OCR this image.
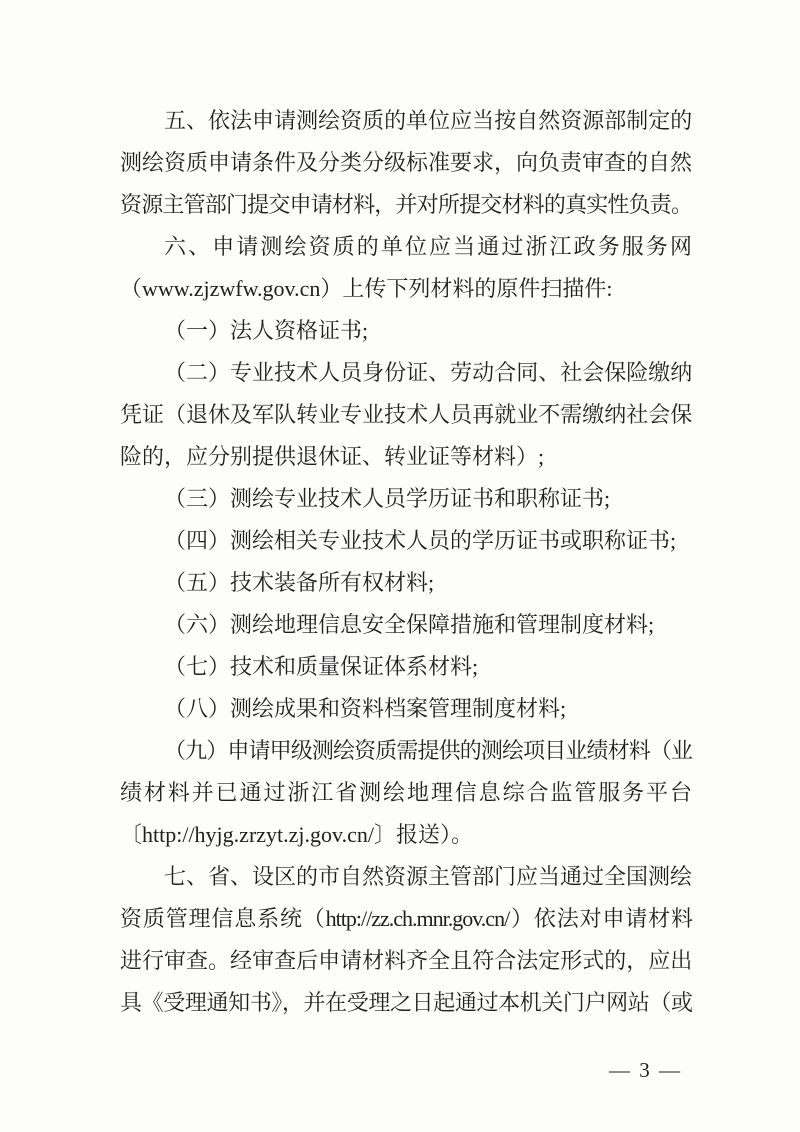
五、依法申请测绘资质的单位应当按自然资源部制定的
测绘资质申请条件及分类分级标准要求，向负责审查的自然
资源主管部门提交申请材料，并对所提交材料的真实性负责。
六、申请测绘资质的单位应当通过浙江政务服务网
（www.zjzwfw.gov.cn）上传下列材料的原件扫描件:
（一）法人资格证书;
（二）专业技术人员身份证、劳动合同、社会保险缴纳
凭证（退休及军队转业专业技术人员再就业不需缴纳社会保
险的，应分别提供退休证、转业证等材料）;
（三）测绘专业技术人员学历证书和职称证书;
（四）测绘相关专业技术人员的学历证书或职称证书;
（五）技术装备所有权材料;
（六）测绘地理信息安全保障措施和管理制度材料;
（七）技术和质量保证体系材料;
（八）测绘成果和资料档案管理制度材料;
（九）申请甲级测绘资质需提供的测绘项目业绩材料（业
绩材料并已通过浙江省测绘地理信息综合监管服务平台
〔http://hyjg.zrzyt.zj.gov.cn/〕报送）。
七、省、设区的市自然资源主管部门应当通过全国测绘
资质管理信息系统（http://zz.ch.mnr.gov.cn/）依法对申请材料
进行审查。经审查后申请材料齐全且符合法定形式的，应出
具《受理通知书》，并在受理之日起通过本机关门户网站（或
— 3 —
